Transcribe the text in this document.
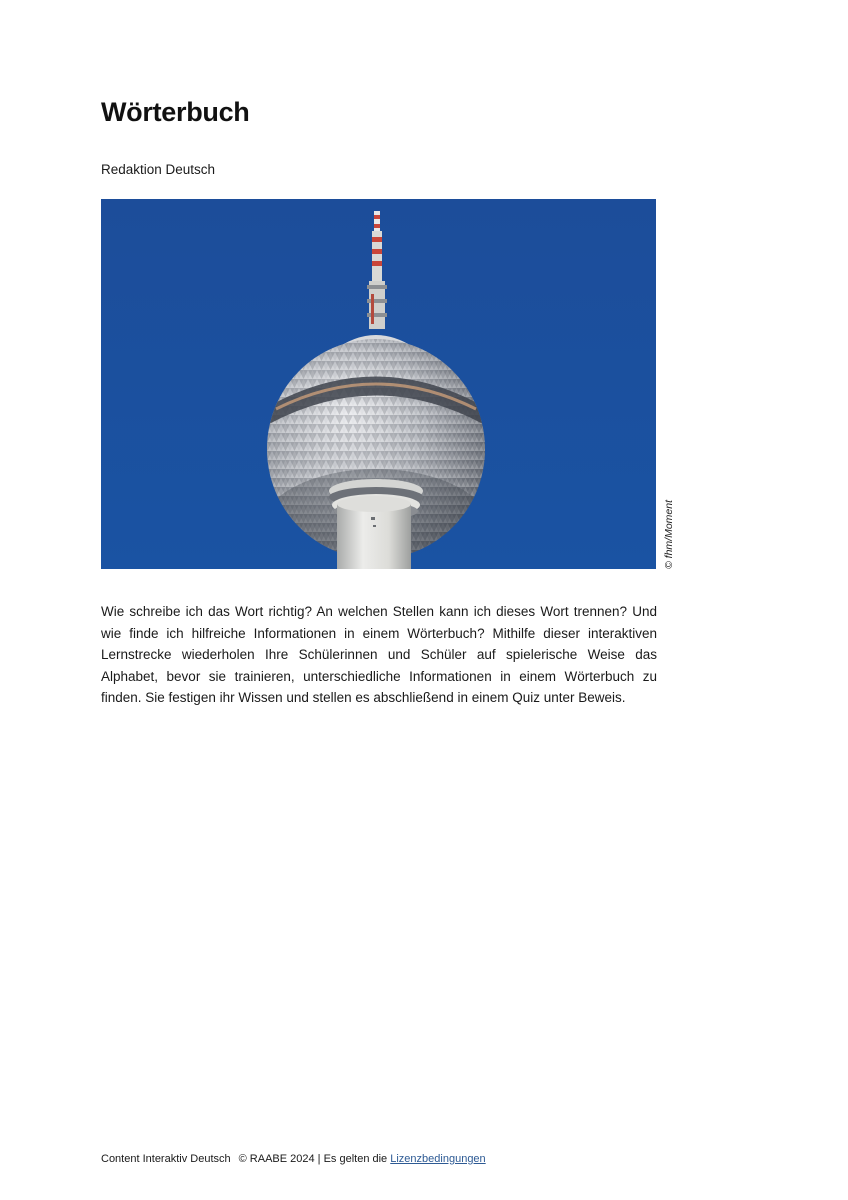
Wörterbuch

Redaktion Deutsch

© fhm/Moment

Wie schreibe ich das Wort richtig? An welchen Stellen kann ich dieses Wort trennen? Und wie finde ich hilfreiche Informationen in einem Wörterbuch? Mithilfe dieser interaktiven Lernstrecke wiederholen Ihre Schülerinnen und Schüler auf spielerische Weise das Alphabet, bevor sie trainieren, unterschiedliche Informationen in einem Wörterbuch zu finden. Sie festigen ihr Wissen und stellen es abschließend in einem Quiz unter Beweis.

Content Interaktiv Deutsch © RAABE 2024 | Es gelten die Lizenzbedingungen
